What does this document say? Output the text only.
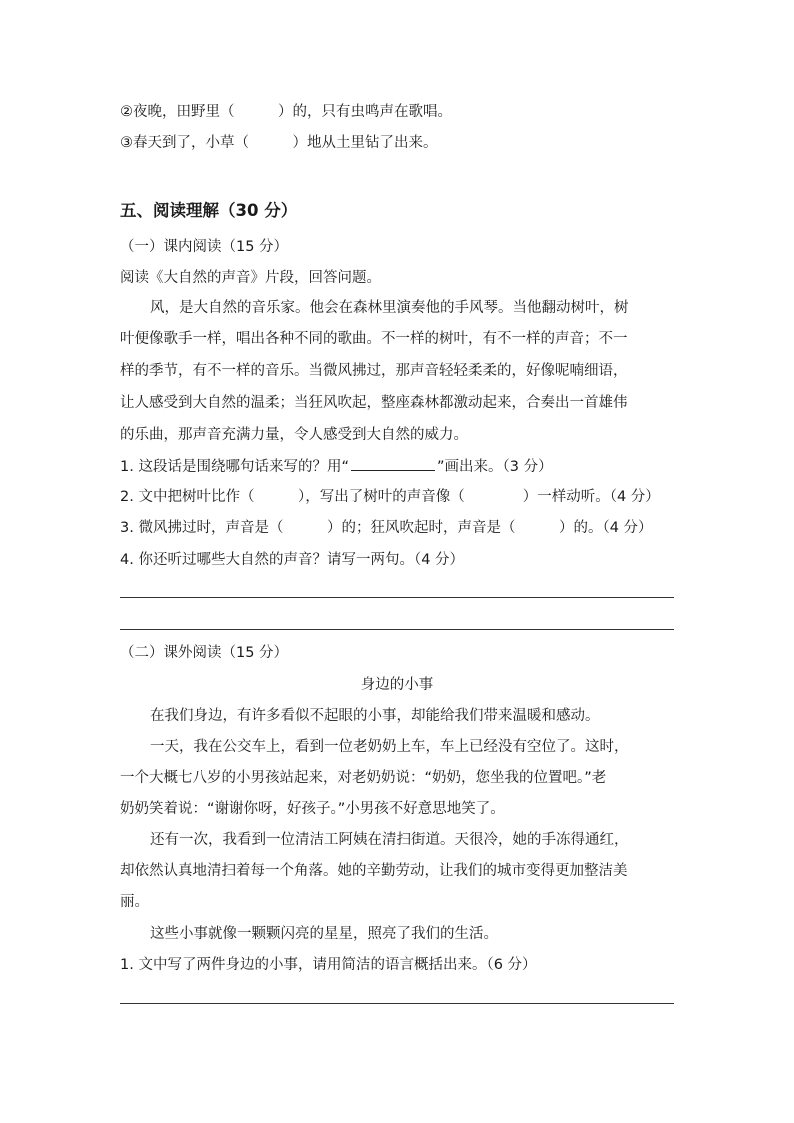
②夜晚，田野里（　　　）的，只有虫鸣声在歌唱。
③春天到了，小草（　　　）地从土里钻了出来。
五、阅读理解（30 分）
（一）课内阅读（15 分）
阅读《大自然的声音》片段，回答问题。
风，是大自然的音乐家。他会在森林里演奏他的手风琴。当他翻动树叶，树
叶便像歌手一样，唱出各种不同的歌曲。不一样的树叶，有不一样的声音；不一
样的季节，有不一样的音乐。当微风拂过，那声音轻轻柔柔的，好像呢喃细语，
让人感受到大自然的温柔；当狂风吹起，整座森林都激动起来，合奏出一首雄伟
的乐曲，那声音充满力量，令人感受到大自然的威力。
1. 这段话是围绕哪句话来写的？用“	”画出来。（3 分）
2. 文中把树叶比作（　　　），写出了树叶的声音像（　　　　）一样动听。（4 分）
3. 微风拂过时，声音是（　　　）的；狂风吹起时，声音是（　　　）的。（4 分）
4. 你还听过哪些大自然的声音？请写一两句。（4 分）
（二）课外阅读（15 分）
身边的小事
在我们身边，有许多看似不起眼的小事，却能给我们带来温暖和感动。
一天，我在公交车上，看到一位老奶奶上车，车上已经没有空位了。这时，
一个大概七八岁的小男孩站起来，对老奶奶说：“奶奶，您坐我的位置吧。”老
奶奶笑着说：“谢谢你呀，好孩子。”小男孩不好意思地笑了。
还有一次，我看到一位清洁工阿姨在清扫街道。天很冷，她的手冻得通红，
却依然认真地清扫着每一个角落。她的辛勤劳动，让我们的城市变得更加整洁美
丽。
这些小事就像一颗颗闪亮的星星，照亮了我们的生活。
1. 文中写了两件身边的小事，请用简洁的语言概括出来。（6 分）
